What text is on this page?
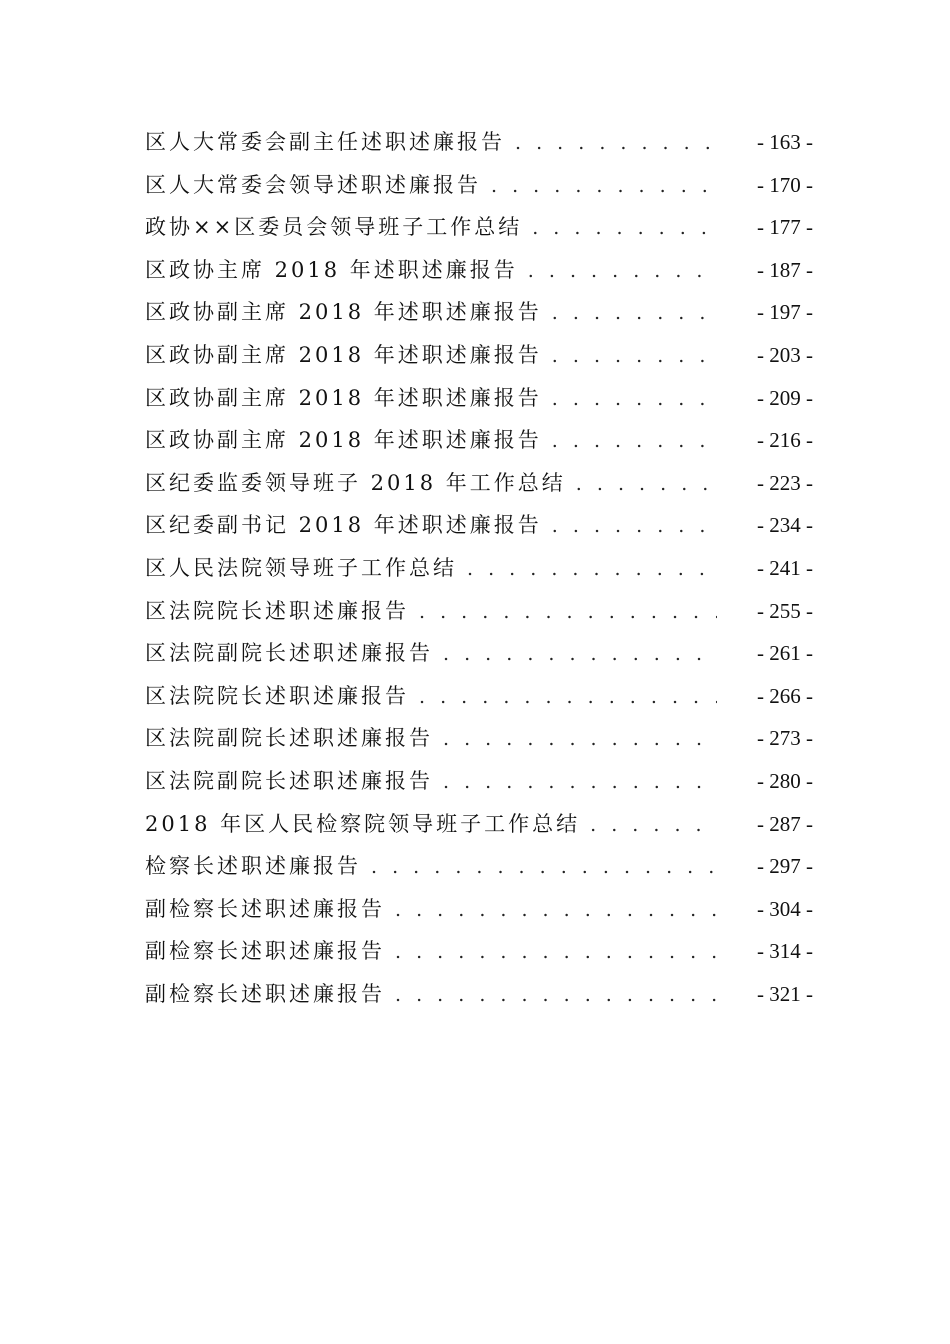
区人大常委会副主任述职述廉报告 . . .	- 163 -
区人大常委会领导述职述廉报告 . . .	- 170 -
政协××区委员会领导班子工作总结 . . .	- 177 -
区政协主席 2018 年述职述廉报告 . . .	- 187 -
区政协副主席 2018 年述职述廉报告 . . .	- 197 -
区政协副主席 2018 年述职述廉报告 . . .	- 203 -
区政协副主席 2018 年述职述廉报告 . . .	- 209 -
区政协副主席 2018 年述职述廉报告 . . .	- 216 -
区纪委监委领导班子 2018 年工作总结 . . .	- 223 -
区纪委副书记 2018 年述职述廉报告 . . .	- 234 -
区人民法院领导班子工作总结 . . .	- 241 -
区法院院长述职述廉报告 . . .	- 255 -
区法院副院长述职述廉报告 . . .	- 261 -
区法院院长述职述廉报告 . . .	- 266 -
区法院副院长述职述廉报告 . . .	- 273 -
区法院副院长述职述廉报告 . . .	- 280 -
2018 年区人民检察院领导班子工作总结 . . .	- 287 -
检察长述职述廉报告 . . .	- 297 -
副检察长述职述廉报告 . . .	- 304 -
副检察长述职述廉报告 . . .	- 314 -
副检察长述职述廉报告 . . .	- 321 -
